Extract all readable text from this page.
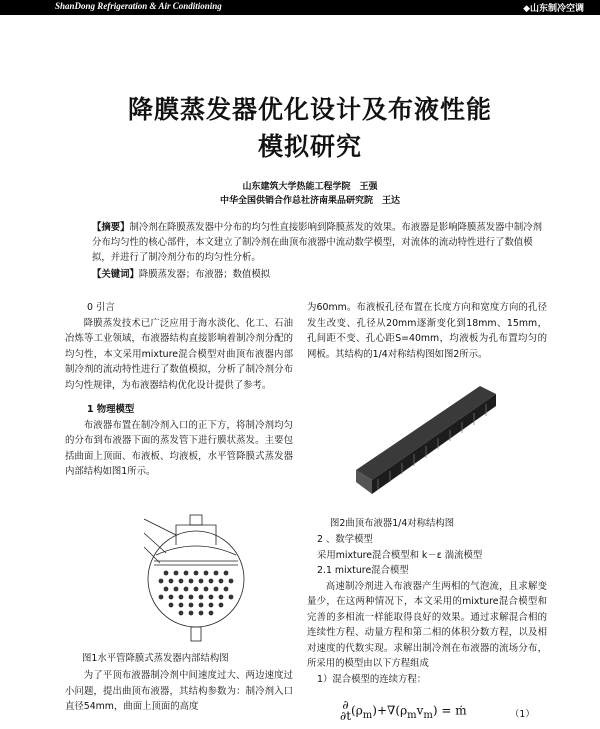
ShanDong Refrigeration & Air Conditioning	◆山东制冷空调
降膜蒸发器优化设计及布液性能
模拟研究
山东建筑大学热能工程学院　王强
中华全国供销合作总社济南果品研究院　王达
【摘要】制冷剂在降膜蒸发器中分布的均匀性直接影响到降膜蒸发的效果。布液器是影响降膜蒸发器中制冷剂分布均匀性的核心部件，本文建立了制冷剂在曲顶布液器中流动数学模型，对流体的流动特性进行了数值模拟，并进行了制冷剂分布的均匀性分析。
【关键词】降膜蒸发器；布液器；数值模拟

0 引言

降膜蒸发技术已广泛应用于海水淡化、化工、石油冶炼等工业领域，布液器结构直接影响着制冷剂分配的均匀性，本文采用mixture混合模型对曲顶布液器内部制冷剂的流动特性进行了数值模拟，分析了制冷剂分布均匀性规律，为布液器结构优化设计提供了参考。

1 物理模型

布液器布置在制冷剂入口的正下方，将制冷剂均匀的分布到布液器下面的蒸发管下进行膜状蒸发。主要包括曲面上顶面、布液板、均液板，水平管降膜式蒸发器内部结构如图1所示。

图1水平管降膜式蒸发器内部结构图

为了平顶布液器制冷剂中间速度过大、两边速度过小问题，提出曲顶布液器，其结构参数为：制冷剂入口直径54mm，曲面上顶面的高度

为60mm。布液板孔径布置在长度方向和宽度方向的孔径发生改变、孔径从20mm逐渐变化到18mm、15mm，孔间距不变、孔心距S=40mm，均液板为孔布置均匀的网板。其结构的1/4对称结构图如图2所示。

图2曲顶布液器1/4对称结构图

2 、数学模型

采用mixture混合模型和 k－ε 湍流模型

2.1 mixture混合模型

高速制冷剂进入布液器产生两相的气泡流，且求解变量少，在这两种情况下，本文采用的mixture混合模型和完善的多相流一样能取得良好的效果。通过求解混合相的连续性方程、动量方程和第二相的体积分数方程，以及相对速度的代数实现。求解出制冷剂在布液器的流场分布，所采用的模型由以下方程组成

1）混合模型的连续方程：

∂
$\partial t(\rho_m)+\nabla(\rho_mv_m)$ = ṁ	（1）
